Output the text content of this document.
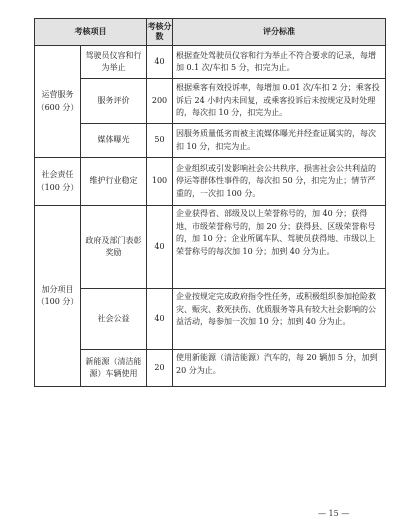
考核项目		考核分数	评分标准
运营服务（600 分）	驾驶员仪容和行为举止	40	根据查处驾驶员仪容和行为举止不符合要求的记录，每增加 0.1 次/车扣 5 分，扣完为止。
	服务评价	200	根据乘客有效投诉率，每增加 0.01 次/车扣 2 分；乘客投诉后 24 小时内未回复，或乘客投诉后未按规定及时处理的，每次扣 10 分，扣完为止。
	媒体曝光	50	因服务质量低劣而被主流媒体曝光并经查证属实的，每次扣 10 分，扣完为止。
社会责任（100 分）	维护行业稳定	100	企业组织或引发影响社会公共秩序、损害社会公共利益的停运等群体性事件的，每次扣 50 分，扣完为止；情节严重的，一次扣 100 分。
加分项目（100 分）	政府及部门表彰奖励	40	企业获得省、部级及以上荣誉称号的，加 40 分；获得地、市级荣誉称号的，加 20 分；获得县、区级荣誉称号的，加 10 分；企业所属车队、驾驶员获得地、市级以上荣誉称号的每次加 10 分；加到 40 分为止。
	社会公益	40	企业按规定完成政府指令性任务，或积极组织参加抢险救灾、赈灾、救死扶伤、优质服务等具有较大社会影响的公益活动，每参加一次加 10 分；加到 40 分为止。
	新能源（清洁能源）车辆使用	20	使用新能源（清洁能源）汽车的，每 20 辆加 5 分，加到 20 分为止。
— 15 —
